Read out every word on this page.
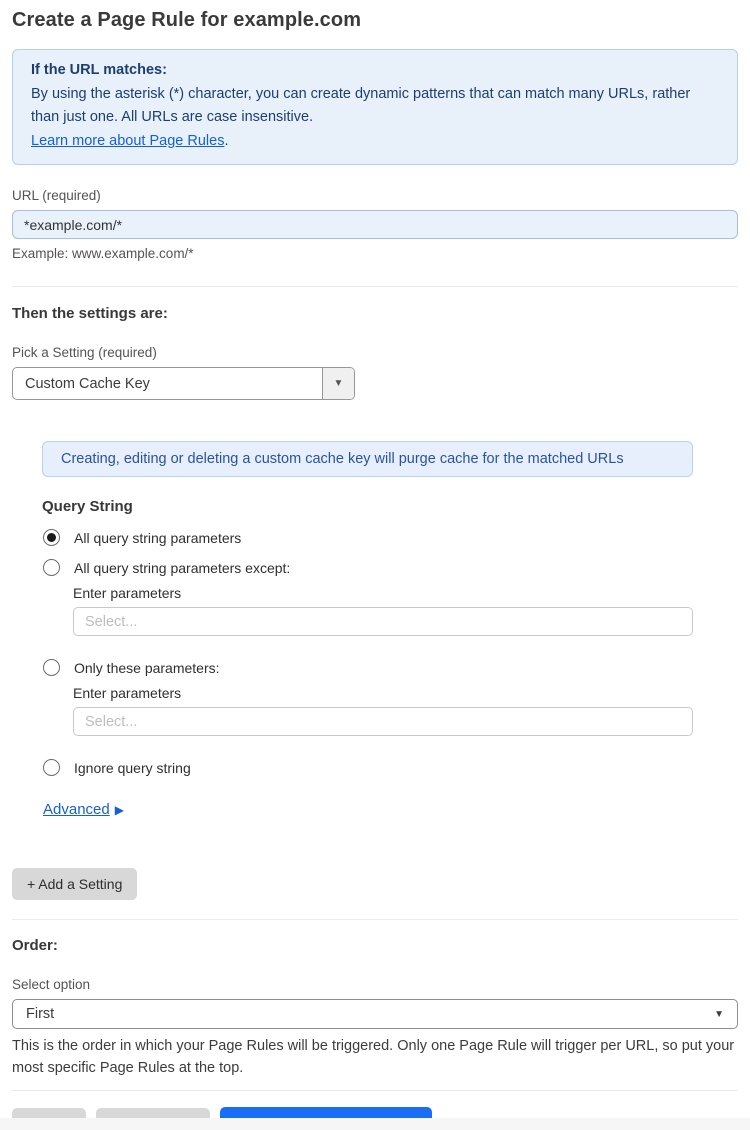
Create a Page Rule for example.com
If the URL matches:
By using the asterisk (*) character, you can create dynamic patterns that can match many URLs, rather than just one. All URLs are case insensitive.
Learn more about Page Rules.
URL (required)
*example.com/*
Example: www.example.com/*
Then the settings are:
Pick a Setting (required)
Custom Cache Key	▼
Creating, editing or deleting a custom cache key will purge cache for the matched URLs
Query String
All query string parameters
All query string parameters except:
Enter parameters
Select...
Only these parameters:
Enter parameters
Select...
Ignore query string
Advanced ▶
+ Add a Setting
Order:
Select option
First	▼
This is the order in which your Page Rules will be triggered. Only one Page Rule will trigger per URL, so put your most specific Page Rules at the top.
